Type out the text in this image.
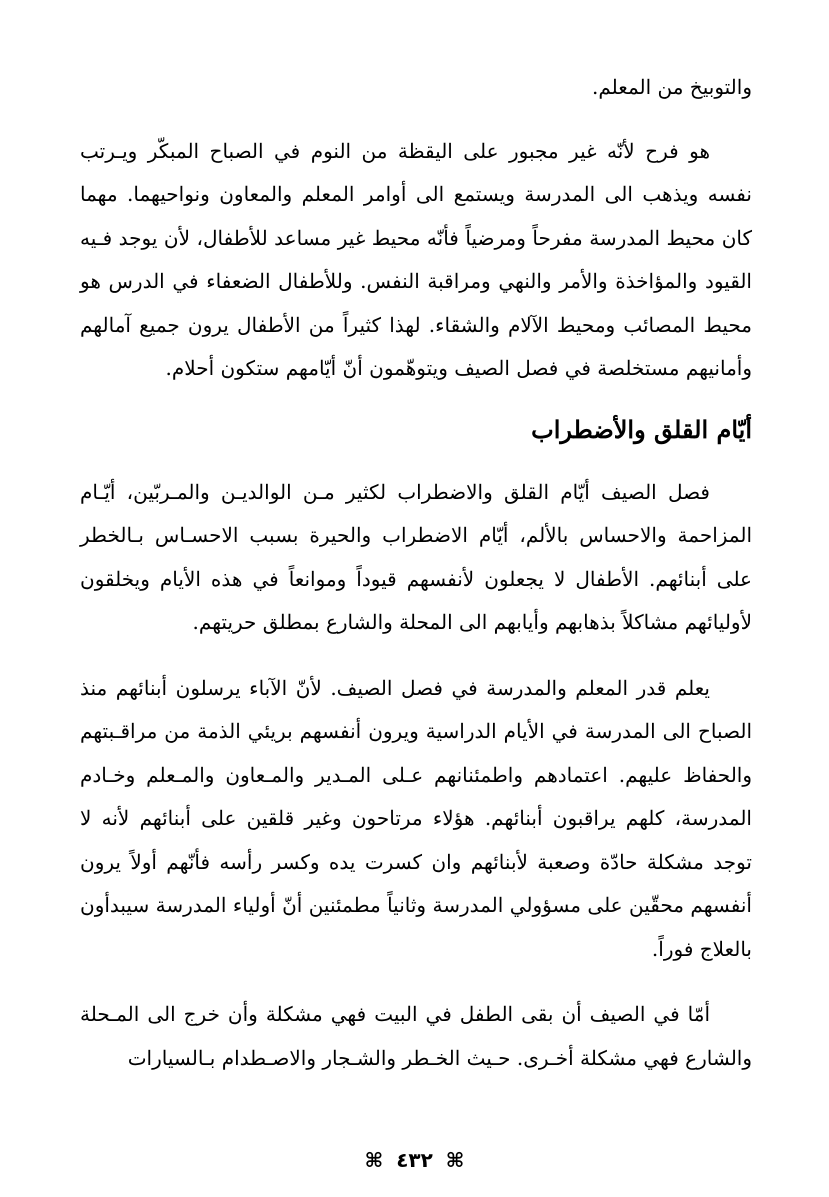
والتوبيخ من المعلم.

هو فرح لأنّه غير مجبور على اليقظة من النوم في الصباح المبكّر ويـرتب نفسه ويذهب الى المدرسة ويستمع الى أوامر المعلم والمعاون ونواحيهما. مهما كان محيط المدرسة مفرحاً ومرضياً فأنّه محيط غير مساعد للأطفال، لأن يوجد فـيه القيود والمؤاخذة والأمر والنهي ومراقبة النفس. وللأطفال الضعفاء في الدرس هو محيط المصائب ومحيط الآلام والشقاء. لهذا كثيراً من الأطفال يرون جميع آمالهم وأمانيهم مستخلصة في فصل الصيف ويتوهّمون أنّ أيّامهم ستكون أحلام.

أيّام القلق والأضطراب

فصل الصيف أيّام القلق والاضطراب لكثير مـن الوالديـن والمـربّين، أيّـام المزاحمة والاحساس بالألم، أيّام الاضطراب والحيرة بسبب الاحسـاس بـالخطر على أبنائهم. الأطفال لا يجعلون لأنفسهم قيوداً وموانعاً في هذه الأيام ويخلقون لأوليائهم مشاكلاً بذهابهم وأيابهم الى المحلة والشارع بمطلق حريتهم.

يعلم قدر المعلم والمدرسة في فصل الصيف. لأنّ الآباء يرسلون أبنائهم منذ الصباح الى المدرسة في الأيام الدراسية ويرون أنفسهم بريئي الذمة من مراقـبتهم والحفاظ عليهم. اعتمادهم واطمئنانهم عـلى المـدير والمـعاون والمـعلم وخـادم المدرسة، كلهم يراقبون أبنائهم. هؤلاء مرتاحون وغير قلقين على أبنائهم لأنه لا توجد مشكلة حادّة وصعبة لأبنائهم وان كسرت يده وكسر رأسه فأنّهم أولاً يرون أنفسهم محقّين على مسؤولي المدرسة وثانياً مطمئنين أنّ أولياء المدرسة سيبدأون بالعلاج فوراً.

أمّا في الصيف أن بقى الطفل في البيت فهي مشكلة وأن خرج الى المـحلة والشارع فهي مشكلة أخـرى. حـيث الخـطر والشـجار والاصـطدام بـالسيارات

⌘ ٤٣٢ ⌘
